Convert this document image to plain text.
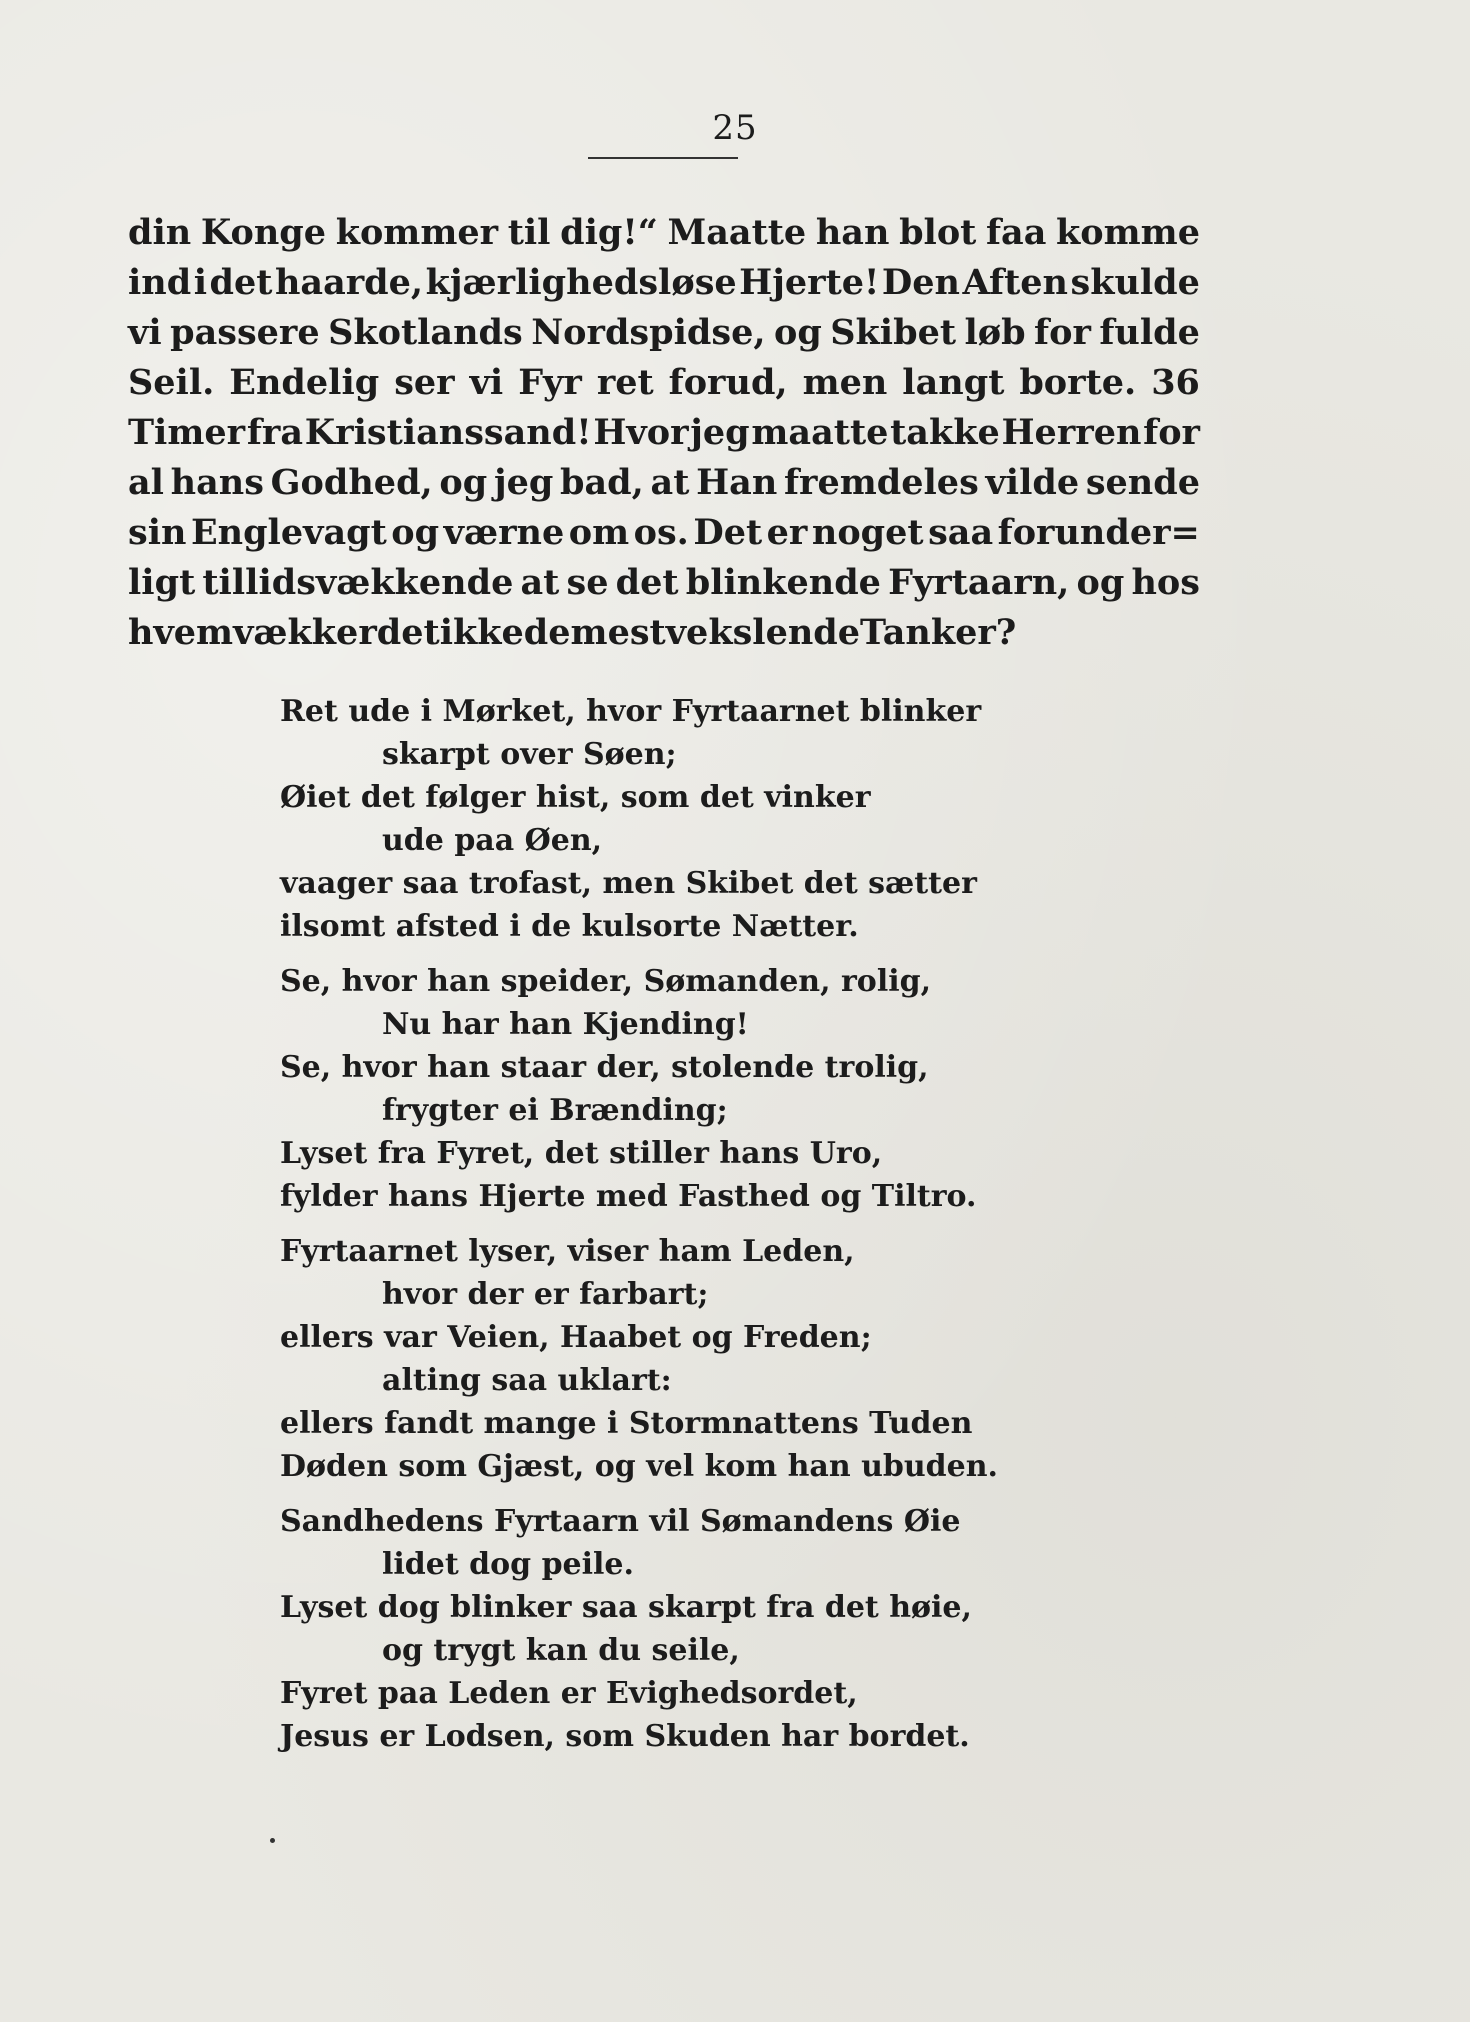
25
din Konge kommer til dig!“ Maatte han blot faa komme
ind i det haarde, kjærlighedsløse Hjerte! Den Aften skulde
vi passere Skotlands Nordspidse, og Skibet løb for fulde
Seil. Endelig ser vi Fyr ret forud, men langt borte. 36
Timer fra Kristianssand! Hvor jeg maatte takke Herren for
al hans Godhed, og jeg bad, at Han fremdeles vilde sende
sin Englevagt og værne om os. Det er noget saa forunder=
ligt tillidsvækkende at se det blinkende Fyrtaarn, og hos
hvem vækker det ikke de mest vekslende Tanker?
Ret ude i Mørket, hvor Fyrtaarnet blinker
skarpt over Søen;
Øiet det følger hist, som det vinker
ude paa Øen,
vaager saa trofast, men Skibet det sætter
ilsomt afsted i de kulsorte Nætter.
Se, hvor han speider, Sømanden, rolig,
Nu har han Kjending!
Se, hvor han staar der, stolende trolig,
frygter ei Brænding;
Lyset fra Fyret, det stiller hans Uro,
fylder hans Hjerte med Fasthed og Tiltro.
Fyrtaarnet lyser, viser ham Leden,
hvor der er farbart;
ellers var Veien, Haabet og Freden;
alting saa uklart:
ellers fandt mange i Stormnattens Tuden
Døden som Gjæst, og vel kom han ubuden.
Sandhedens Fyrtaarn vil Sømandens Øie
lidet dog peile.
Lyset dog blinker saa skarpt fra det høie,
og trygt kan du seile,
Fyret paa Leden er Evighedsordet,
Jesus er Lodsen, som Skuden har bordet.
